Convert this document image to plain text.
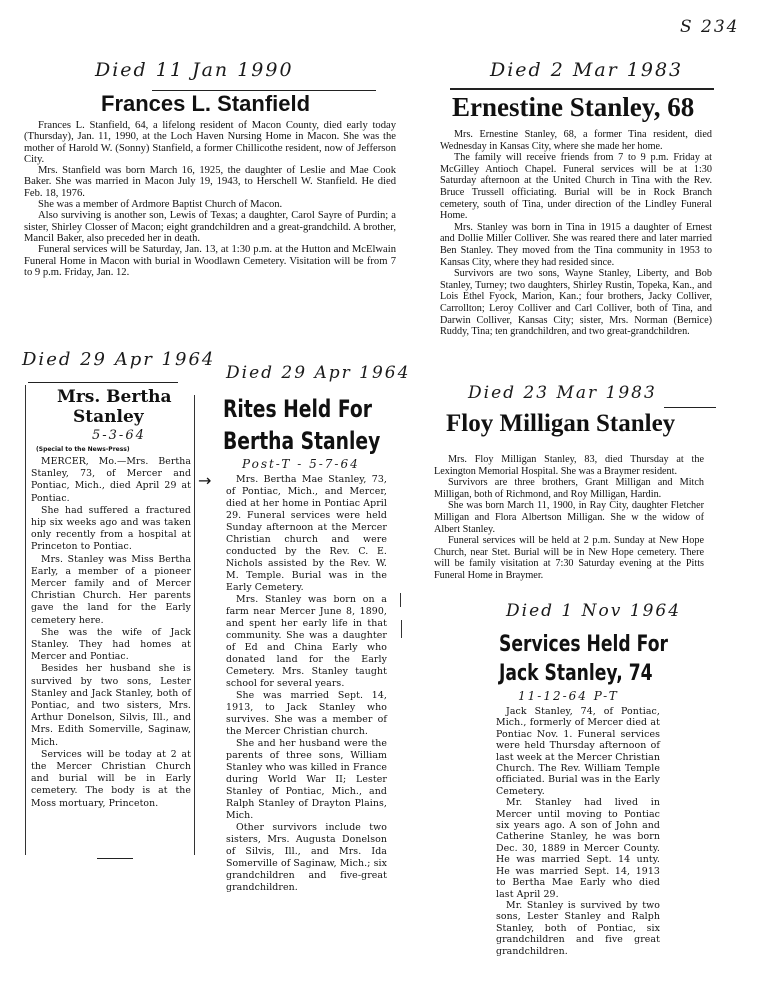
S 234
Died 11 Jan 1990
Frances L. Stanfield

Frances L. Stanfield, 64, a lifelong resident of Macon County, died early today (Thursday), Jan. 11, 1990, at the Loch Haven Nursing Home in Macon. She was the mother of Harold W. (Sonny) Stanfield, a former Chillicothe resident, now of Jefferson City.

Mrs. Stanfield was born March 16, 1925, the daughter of Leslie and Mae Cook Baker. She was married in Macon July 19, 1943, to Herschell W. Stanfield. He died Feb. 18, 1976.

She was a member of Ardmore Baptist Church of Macon.

Also surviving is another son, Lewis of Texas; a daughter, Carol Sayre of Purdin; a sister, Shirley Closser of Macon; eight grandchildren and a great-grandchild. A brother, Mancil Baker, also preceded her in death.

Funeral services will be Saturday, Jan. 13, at 1:30 p.m. at the Hutton and McElwain Funeral Home in Macon with burial in Woodlawn Cemetery. Visitation will be from 7 to 9 p.m. Friday, Jan. 12.

Died 2 Mar 1983
Ernestine Stanley, 68

Mrs. Ernestine Stanley, 68, a former Tina resident, died Wednesday in Kansas City, where she made her home.

The family will receive friends from 7 to 9 p.m. Friday at McGilley Antioch Chapel. Funeral services will be at 1:30 Saturday afternoon at the United Church in Tina with the Rev. Bruce Trussell officiating. Burial will be in Rock Branch cemetery, south of Tina, under direction of the Lindley Funeral Home.

Mrs. Stanley was born in Tina in 1915 a daughter of Ernest and Dollie Miller Colliver. She was reared there and later married Ben Stanley. They moved from the Tina community in 1953 to Kansas City, where they had resided since.

Survivors are two sons, Wayne Stanley, Liberty, and Bob Stanley, Turney; two daughters, Shirley Rustin, Topeka, Kan., and Lois Ethel Fyock, Marion, Kan.; four brothers, Jacky Colliver, Carrollton; Leroy Colliver and Carl Colliver, both of Tina, and Darwin Colliver, Kansas City; sister, Mrs. Norman (Bernice) Ruddy, Tina; ten grandchildren, and two great-grandchildren.

Died 29 Apr 1964
Mrs. Bertha
Stanley
5-3-64
(Special to the News-Press)

MERCER, Mo.—Mrs. Bertha Stanley, 73, of Mercer and Pontiac, Mich., died April 29 at Pontiac.

She had suffered a fractured hip six weeks ago and was taken only recently from a hospital at Princeton to Pontiac.

Mrs. Stanley was Miss Bertha Early, a member of a pioneer Mercer family and of Mercer Christian Church. Her parents gave the land for the Early cemetery here.

She was the wife of Jack Stanley. They had homes at Mercer and Pontiac.

Besides her husband she is survived by two sons, Lester Stanley and Jack Stanley, both of Pontiac, and two sisters, Mrs. Arthur Donelson, Silvis, Ill., and Mrs. Edith Somerville, Saginaw, Mich.

Services will be today at 2 at the Mercer Christian Church and burial will be in Early cemetery. The body is at the Moss mortuary, Princeton.

→
Died 29 Apr 1964
Rites Held For
Bertha Stanley
Post-T - 5-7-64

Mrs. Bertha Mae Stanley, 73, of Pontiac, Mich., and Mercer, died at her home in Pontiac April 29. Funeral services were held Sunday afternoon at the Mercer Christian church and were conducted by the Rev. C. E. Nichols assisted by the Rev. W. M. Temple. Burial was in the Early Cemetery.

Mrs. Stanley was born on a farm near Mercer June 8, 1890, and spent her early life in that community. She was a daughter of Ed and China Early who donated land for the Early Cemetery. Mrs. Stanley taught school for several years.

She was married Sept. 14, 1913, to Jack Stanley who survives. She was a member of the Mercer Christian church.

She and her husband were the parents of three sons, William Stanley who was killed in France during World War II; Lester Stanley of Pontiac, Mich., and Ralph Stanley of Drayton Plains, Mich.

Other survivors include two sisters, Mrs. Augusta Donelson of Silvis, Ill., and Mrs. Ida Somerville of Saginaw, Mich.; six grandchildren and five-great grandchildren.

Died 23 Mar 1983
Floy Milligan Stanley

Mrs. Floy Milligan Stanley, 83, died Thursday at the Lexington Memorial Hospital. She was a Braymer resident.

Survivors are three brothers, Grant Milligan and Mitch Milligan, both of Richmond, and Roy Milligan, Hardin.

She was born March 11, 1900, in Ray City, daughter Fletcher Milligan and Flora Albertson Milligan. She w the widow of Albert Stanley.

Funeral services will be held at 2 p.m. Sunday at New Hope Church, near Stet. Burial will be in New Hope cemetery. There will be family visitation at 7:30 Saturday evening at the Pitts Funeral Home in Braymer.

Died 1 Nov 1964
Services Held For
Jack Stanley, 74
11-12-64 P-T

Jack Stanley, 74, of Pontiac, Mich., formerly of Mercer died at Pontiac Nov. 1. Funeral services were held Thursday afternoon of last week at the Mercer Christian Church. The Rev. William Temple officiated. Burial was in the Early Cemetery.

Mr. Stanley had lived in Mercer until moving to Pontiac six years ago. A son of John and Catherine Stanley, he was born Dec. 30, 1889 in Mercer County. He was married Sept. 14 unty. He was married Sept. 14, 1913 to Bertha Mae Early who died last April 29.

Mr. Stanley is survived by two sons, Lester Stanley and Ralph Stanley, both of Pontiac, six grandchildren and five great grandchildren.
